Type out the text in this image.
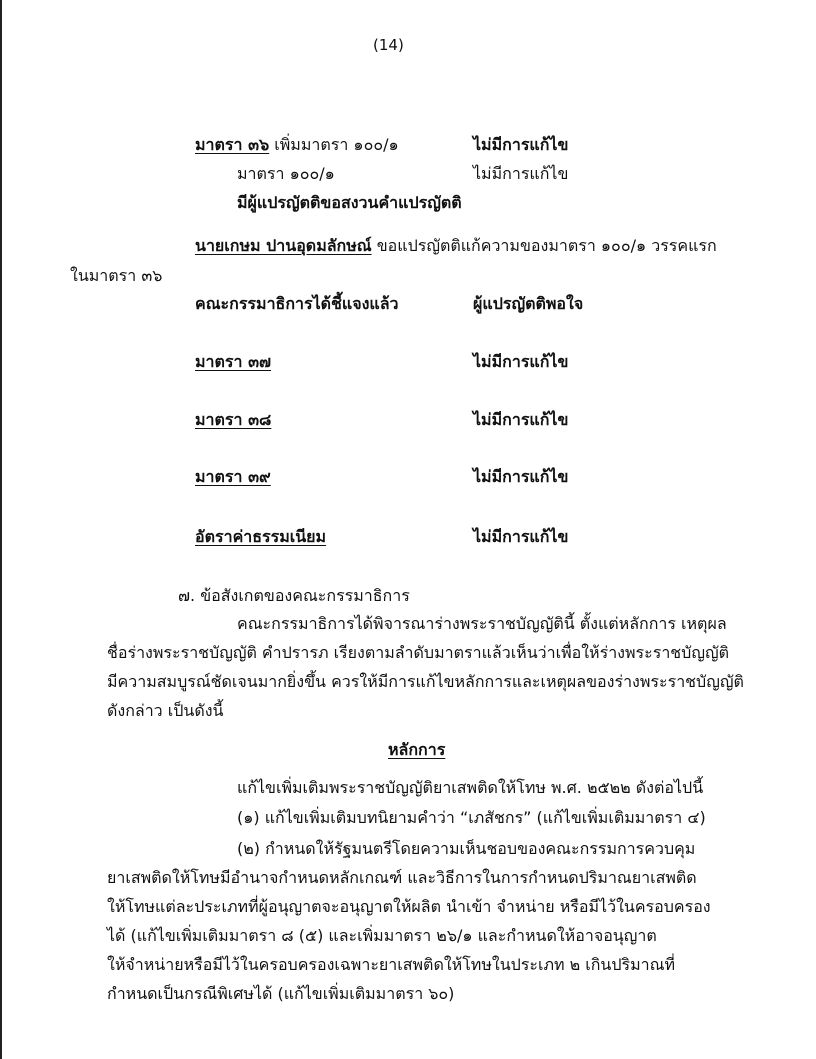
(14)
มาตรา ๓๖ เพิ่มมาตรา ๑๐๐/๑	ไม่มีการแก้ไข
มาตรา ๑๐๐/๑	ไม่มีการแก้ไข
มีผู้แปรญัตติขอสงวนคำแปรญัตติ
นายเกษม ปานอุดมลักษณ์ ขอแปรญัตติแก้ความของมาตรา ๑๐๐/๑ วรรคแรก
ในมาตรา ๓๖
คณะกรรมาธิการได้ชี้แจงแล้ว	ผู้แปรญัตติพอใจ
มาตรา ๓๗	ไม่มีการแก้ไข
มาตรา ๓๘	ไม่มีการแก้ไข
มาตรา ๓๙	ไม่มีการแก้ไข
อัตราค่าธรรมเนียม	ไม่มีการแก้ไข
๗. ข้อสังเกตของคณะกรรมาธิการ
คณะกรรมาธิการได้พิจารณาร่างพระราชบัญญัตินี้ ตั้งแต่หลักการ เหตุผล
ชื่อร่างพระราชบัญญัติ คำปรารภ เรียงตามลำดับมาตราแล้วเห็นว่าเพื่อให้ร่างพระราชบัญญัติ
มีความสมบูรณ์ชัดเจนมากยิ่งขึ้น ควรให้มีการแก้ไขหลักการและเหตุผลของร่างพระราชบัญญัติ
ดังกล่าว เป็นดังนี้
หลักการ
แก้ไขเพิ่มเติมพระราชบัญญัติยาเสพติดให้โทษ พ.ศ. ๒๕๒๒ ดังต่อไปนี้
(๑) แก้ไขเพิ่มเติมบทนิยามคำว่า “เภสัชกร” (แก้ไขเพิ่มเติมมาตรา ๔)
(๒) กำหนดให้รัฐมนตรีโดยความเห็นชอบของคณะกรรมการควบคุม
ยาเสพติดให้โทษมีอำนาจกำหนดหลักเกณฑ์ และวิธีการในการกำหนดปริมาณยาเสพติด
ให้โทษแต่ละประเภทที่ผู้อนุญาตจะอนุญาตให้ผลิต นำเข้า จำหน่าย หรือมีไว้ในครอบครอง
ได้ (แก้ไขเพิ่มเติมมาตรา ๘ (๕) และเพิ่มมาตรา ๒๖/๑ และกำหนดให้อาจอนุญาต
ให้จำหน่ายหรือมีไว้ในครอบครองเฉพาะยาเสพติดให้โทษในประเภท ๒ เกินปริมาณที่
กำหนดเป็นกรณีพิเศษได้ (แก้ไขเพิ่มเติมมาตรา ๖๐)
